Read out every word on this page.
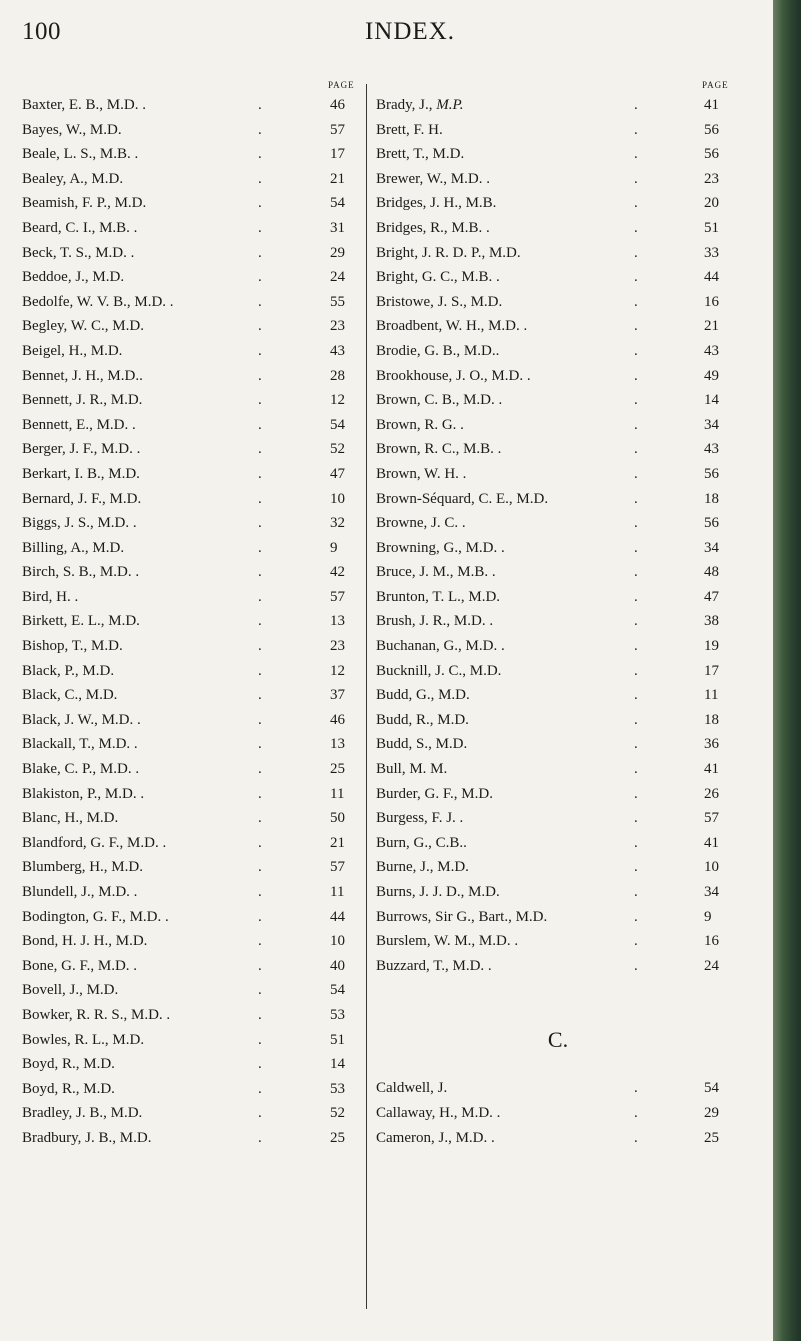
100	INDEX.
PAGE
Baxter, E. B., M.D. .	.	46
Bayes, W., M.D.	.	57
Beale, L. S., M.B. .	.	17
Bealey, A., M.D.	.	21
Beamish, F. P., M.D.	.	54
Beard, C. I., M.B. .	.	31
Beck, T. S., M.D. .	.	29
Beddoe, J., M.D.	.	24
Bedolfe, W. V. B., M.D. .	.	55
Begley, W. C., M.D.	.	23
Beigel, H., M.D.	.	43
Bennet, J. H., M.D..	.	28
Bennett, J. R., M.D.	.	12
Bennett, E., M.D. .	.	54
Berger, J. F., M.D. .	.	52
Berkart, I. B., M.D.	.	47
Bernard, J. F., M.D.	.	10
Biggs, J. S., M.D. .	.	32
Billing, A., M.D.	.	9
Birch, S. B., M.D. .	.	42
Bird, H. .	.	57
Birkett, E. L., M.D.	.	13
Bishop, T., M.D.	.	23
Black, P., M.D.	.	12
Black, C., M.D.	.	37
Black, J. W., M.D. .	.	46
Blackall, T., M.D. .	.	13
Blake, C. P., M.D. .	.	25
Blakiston, P., M.D. .	.	11
Blanc, H., M.D.	.	50
Blandford, G. F., M.D. .	.	21
Blumberg, H., M.D.	.	57
Blundell, J., M.D. .	.	11
Bodington, G. F., M.D. .	.	44
Bond, H. J. H., M.D.	.	10
Bone, G. F., M.D. .	.	40
Bovell, J., M.D.	.	54
Bowker, R. R. S., M.D. .	.	53
Bowles, R. L., M.D.	.	51
Boyd, R., M.D.	.	14
Boyd, R., M.D.	.	53
Bradley, J. B., M.D.	.	52
Bradbury, J. B., M.D.	.	25
PAGE
Brady, J., M.P.	.	41
Brett, F. H.	.	56
Brett, T., M.D.	.	56
Brewer, W., M.D. .	.	23
Bridges, J. H., M.B.	.	20
Bridges, R., M.B. .	.	51
Bright, J. R. D. P., M.D.	.	33
Bright, G. C., M.B. .	.	44
Bristowe, J. S., M.D.	.	16
Broadbent, W. H., M.D. .	.	21
Brodie, G. B., M.D..	.	43
Brookhouse, J. O., M.D. .	.	49
Brown, C. B., M.D. .	.	14
Brown, R. G. .	.	34
Brown, R. C., M.B. .	.	43
Brown, W. H. .	.	56
Brown-Séquard, C. E., M.D.	.	18
Browne, J. C. .	.	56
Browning, G., M.D. .	.	34
Bruce, J. M., M.B. .	.	48
Brunton, T. L., M.D.	.	47
Brush, J. R., M.D. .	.	38
Buchanan, G., M.D. .	.	19
Bucknill, J. C., M.D.	.	17
Budd, G., M.D.	.	11
Budd, R., M.D.	.	18
Budd, S., M.D.	.	36
Bull, M. M.	.	41
Burder, G. F., M.D.	.	26
Burgess, F. J. .	.	57
Burn, G., C.B..	.	41
Burne, J., M.D.	.	10
Burns, J. J. D., M.D.	.	34
Burrows, Sir G., Bart., M.D.	.	9
Burslem, W. M., M.D. .	.	16
Buzzard, T., M.D. .	.	24
C.
Caldwell, J.	.	54
Callaway, H., M.D. .	.	29
Cameron, J., M.D. .	.	25
